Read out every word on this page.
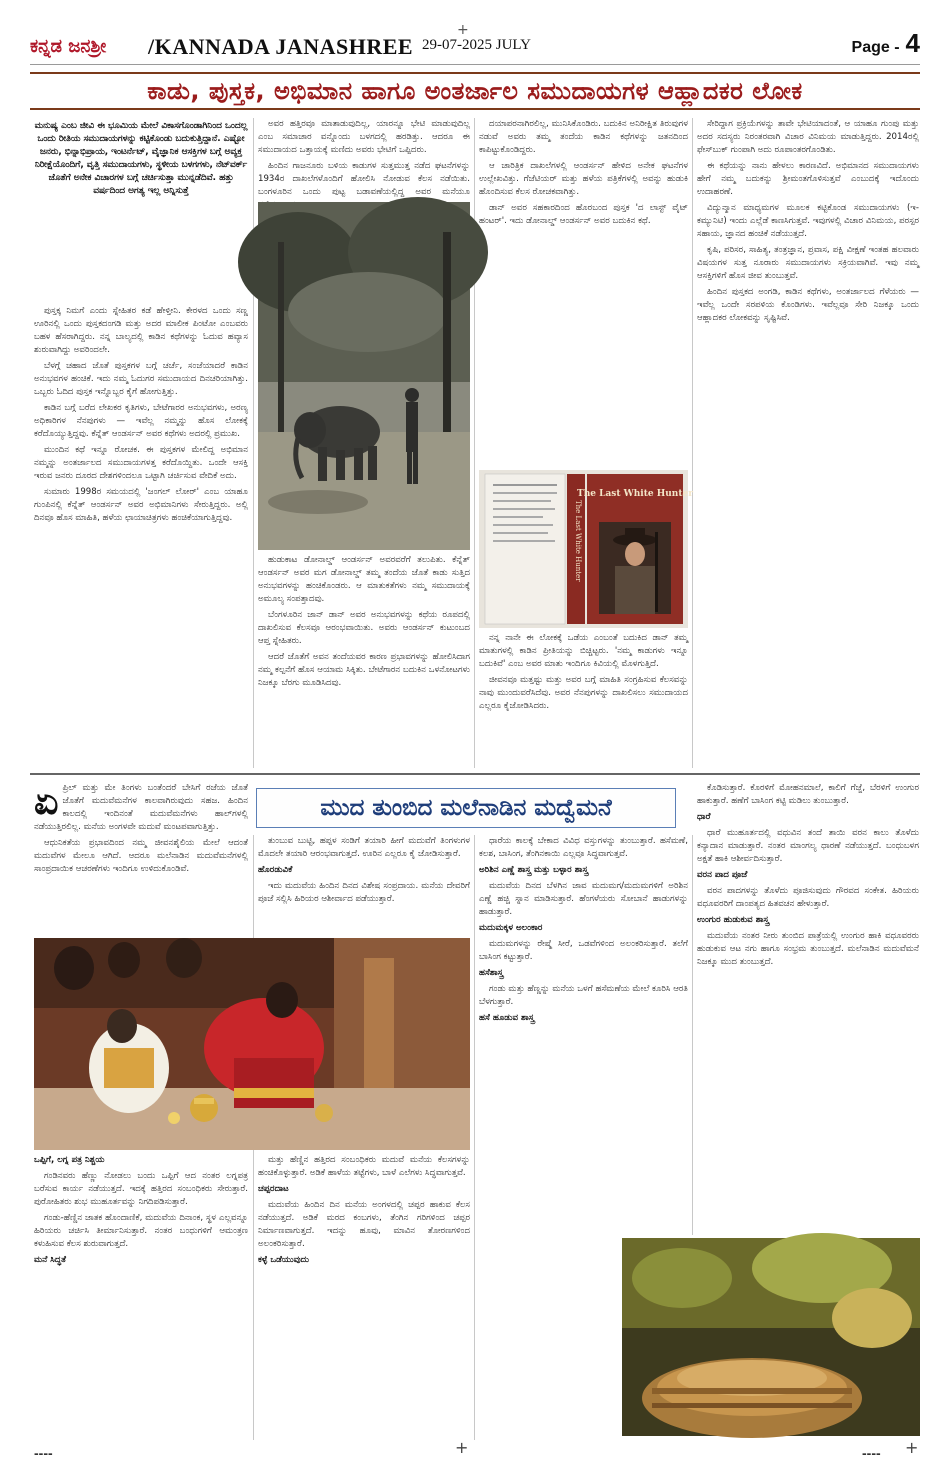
+
ಕನ್ನಡ ಜನಶ್ರೀ /KANNADA JANASHREE 29-07-2025 JULY	Page - 4
ಕಾಡು, ಪುಸ್ತಕ, ಅಭಿಮಾನ ಹಾಗೂ ಅಂತರ್ಜಾಲ ಸಮುದಾಯಗಳ ಆಹ್ಲಾದಕರ ಲೋಕ
ಮನುಷ್ಯ ಎಂಬ ಜೀವಿ ಈ ಭೂಮಿಯ ಮೇಲೆ ವಿಕಾಸಗೊಂಡಾಗಿನಿಂದ ಒಂದಲ್ಲ ಒಂದು ರೀತಿಯ ಸಮುದಾಯಗಳನ್ನು ಕಟ್ಟಿಕೊಂಡು ಬದುಕುತ್ತಿದ್ದಾನೆ. ಎಷ್ಟೋ ಜನರು, ಭಿನ್ನಾಭಿಪ್ರಾಯ, ಇಂಟರ್ನೆಟ್, ವೈಜ್ಞಾನಿಕ ಆಸಕ್ತಿಗಳ ಬಗ್ಗೆ ಅವ್ಯಕ್ತ ನಿರೀಕ್ಷೆಯೊಂದಿಗೆ, ವೃತ್ತಿ ಸಮುದಾಯಗಳು, ಸ್ಥಳೀಯ ಬಳಗಗಳು, ನೆಟ್‌ವರ್ಕ್ ಜೊತೆಗೆ ಅನೇಕ ವಿಚಾರಗಳ ಬಗ್ಗೆ ಚರ್ಚಿಸುತ್ತಾ ಮುನ್ನಡೆದಿವೆ. ಹತ್ತು ವರ್ಷದಿಂದ ಅಗತ್ಯ ಇಲ್ಲ ಅನ್ನಿಸುತ್ತೆ

ಪುಸ್ತಕ್ಕ ನಿಮಗೆ ಎಂದು ಸ್ನೇಹಿತರ ಕಡೆ ಹೇಳ್ತೀನಿ. ಕೇರಳದ ಒಂದು ಸಣ್ಣ ಊರಿನಲ್ಲಿ ಒಂದು ಪುಸ್ತಕದಂಗಡಿ ಮತ್ತು ಅದರ ಮಾಲೀಕ ಪಿಂಟೋ ಎಂಬವರು ಬಹಳ ಹೆಸರಾಗಿದ್ದರು. ನನ್ನ ಬಾಲ್ಯದಲ್ಲಿ ಕಾಡಿನ ಕಥೆಗಳನ್ನು ಓದುವ ಹವ್ಯಾಸ ಶುರುವಾಗಿದ್ದು ಅವರಿಂದಲೇ.

ಬೆಳಗ್ಗೆ ಚಹಾದ ಜೊತೆ ಪುಸ್ತಕಗಳ ಬಗ್ಗೆ ಚರ್ಚೆ, ಸಂಜೆಯಾದರೆ ಕಾಡಿನ ಅನುಭವಗಳ ಹಂಚಿಕೆ. ಇದು ನಮ್ಮ ಓದುಗರ ಸಮುದಾಯದ ದಿನಚರಿಯಾಗಿತ್ತು. ಒಬ್ಬರು ಓದಿದ ಪುಸ್ತಕ ಇನ್ನೊಬ್ಬರ ಕೈಗೆ ಹೋಗುತ್ತಿತ್ತು.

ಕಾಡಿನ ಬಗ್ಗೆ ಬರೆದ ಲೇಖಕರ ಕೃತಿಗಳು, ಬೇಟೆಗಾರರ ಅನುಭವಗಳು, ಅರಣ್ಯ ಅಧಿಕಾರಿಗಳ ನೆನಪುಗಳು — ಇವೆಲ್ಲ ನಮ್ಮನ್ನು ಹೊಸ ಲೋಕಕ್ಕೆ ಕರೆದೊಯ್ಯುತ್ತಿದ್ದವು. ಕೆನ್ನೆತ್ ಆಂಡರ್ಸನ್ ಅವರ ಕಥೆಗಳು ಅದರಲ್ಲಿ ಪ್ರಮುಖ.

ಮುಂದಿನ ಕಥೆ ಇನ್ನೂ ರೋಚಕ. ಈ ಪುಸ್ತಕಗಳ ಮೇಲಿದ್ದ ಅಭಿಮಾನ ನಮ್ಮನ್ನು ಅಂತರ್ಜಾಲದ ಸಮುದಾಯಗಳತ್ತ ಕರೆದೊಯ್ದಿತು. ಒಂದೇ ಆಸಕ್ತಿ ಇರುವ ಜನರು ದೂರದ ದೇಶಗಳಿಂದಲೂ ಒಟ್ಟಾಗಿ ಚರ್ಚಿಸುವ ವೇದಿಕೆ ಅದು.

ಸುಮಾರು 1998ರ ಸಮಯದಲ್ಲಿ 'ಜಂಗಲ್ ಲೋರ್' ಎಂಬ ಯಾಹೂ ಗುಂಪಿನಲ್ಲಿ ಕೆನ್ನೆತ್ ಆಂಡರ್ಸನ್ ಅವರ ಅಭಿಮಾನಿಗಳು ಸೇರುತ್ತಿದ್ದರು. ಅಲ್ಲಿ ದಿನವೂ ಹೊಸ ಮಾಹಿತಿ, ಹಳೆಯ ಛಾಯಾಚಿತ್ರಗಳು ಹಂಚಿಕೆಯಾಗುತ್ತಿದ್ದವು.

ಅವರ ಹತ್ತಿರವೂ ಮಾತಾಡುವುದಿಲ್ಲ, ಯಾರನ್ನೂ ಭೇಟಿ ಮಾಡುವುದಿಲ್ಲ ಎಂಬ ಸಮಾಚಾರ ವನ್ನೊಂದು ಬಳಗದಲ್ಲಿ ಹರಡಿತ್ತು. ಆದರೂ ಈ ಸಮುದಾಯದ ಒತ್ತಾಯಕ್ಕೆ ಮಣಿದು ಅವರು ಭೇಟಿಗೆ ಒಪ್ಪಿದರು.

ಹಿಂದಿನ ಗಾಜನೂರು ಬಳಿಯ ಕಾಡುಗಳ ಸುತ್ತಮುತ್ತ ನಡೆದ ಘಟನೆಗಳನ್ನು 1934ರ ದಾಖಲೆಗಳೊಂದಿಗೆ ಹೋಲಿಸಿ ನೋಡುವ ಕೆಲಸ ನಡೆಯಿತು. ಬಂಗಳೂರಿನ ಒಂದು ಪುಟ್ಟ ಬಡಾವಣೆಯಲ್ಲಿದ್ದ ಅವರ ಮನೆಯೂ

ಹುಡುಕಾಟ ಡೋನಾಲ್ಡ್ ಆಂಡರ್ಸನ್ ಅವರವರೆಗೆ ತಲುಪಿತು. ಕೆನ್ನೆತ್ ಆಂಡರ್ಸನ್ ಅವರ ಮಗ ಡೋನಾಲ್ಡ್ ತಮ್ಮ ತಂದೆಯ ಜೊತೆ ಕಾಡು ಸುತ್ತಿದ ಅನುಭವಗಳನ್ನು ಹಂಚಿಕೊಂಡರು. ಆ ಮಾತುಕತೆಗಳು ನಮ್ಮ ಸಮುದಾಯಕ್ಕೆ ಅಮೂಲ್ಯ ಸಂಪತ್ತಾದವು.

ಬೆಂಗಳೂರಿನ ಜಾನ್ ಡಾನ್ ಅವರ ಅನುಭವಗಳನ್ನು ಕಥೆಯ ರೂಪದಲ್ಲಿ ದಾಖಲಿಸುವ ಕೆಲಸವೂ ಆರಂಭವಾಯಿತು. ಅವರು ಆಂಡರ್ಸನ್ ಕುಟುಂಬದ ಆಪ್ತ ಸ್ನೇಹಿತರು.

ಆದರೆ ಜೊತೆಗೆ ಅವನ ತಂದೆಯವರ ಕಾರಣ ಪ್ರಭಾವಗಳನ್ನು ಹೋಲಿಸಿದಾಗ ನಮ್ಮ ಕಲ್ಪನೆಗೆ ಹೊಸ ಆಯಾಮ ಸಿಕ್ಕಿತು. ಬೇಟೆಗಾರನ ಬದುಕಿನ ಒಳನೋಟಗಳು ನಿಜಕ್ಕೂ ಬೆರಗು ಮೂಡಿಸಿದವು.

ದಯಾಪರನಾಗಿರಲಿಲ್ಲ, ಮುನಿಸಿಕೊಂಡಿರು. ಬದುಕಿನ ಅನಿರೀಕ್ಷಿತ ತಿರುವುಗಳ ನಡುವೆ ಅವರು ತಮ್ಮ ತಂದೆಯ ಕಾಡಿನ ಕಥೆಗಳನ್ನು ಜತನದಿಂದ ಕಾಪಿಟ್ಟುಕೊಂಡಿದ್ದರು.

ಆ ಚಾರಿತ್ರಿಕ ದಾಖಲೆಗಳಲ್ಲಿ ಆಂಡರ್ಸನ್ ಹೇಳಿದ ಅನೇಕ ಘಟನೆಗಳ ಉಲ್ಲೇಖವಿತ್ತು. ಗೆಜೆಟಿಯರ್ ಮತ್ತು ಹಳೆಯ ಪತ್ರಿಕೆಗಳಲ್ಲಿ ಅವನ್ನು ಹುಡುಕಿ ಹೊಂದಿಸುವ ಕೆಲಸ ರೋಚಕವಾಗಿತ್ತು.

ಡಾನ್ ಅವರ ಸಹಕಾರದಿಂದ ಹೊರಬಂದ ಪುಸ್ತಕ 'ದ ಲಾಸ್ಟ್ ವೈಟ್ ಹಂಟರ್'. ಇದು ಡೋನಾಲ್ಡ್ ಆಂಡರ್ಸನ್ ಅವರ ಬದುಕಿನ ಕಥೆ.

The Last White Hunter
The Last White Hunter

ನನ್ನ ನಾನೇ ಈ ಲೋಕಕ್ಕೆ ಒಡೆಯ ಎಂಬಂತೆ ಬದುಕಿದ ಡಾನ್ ತಮ್ಮ ಮಾತುಗಳಲ್ಲಿ ಕಾಡಿನ ಪ್ರೀತಿಯನ್ನು ಬಿಚ್ಚಿಟ್ಟರು. 'ನಮ್ಮ ಕಾಡುಗಳು ಇನ್ನೂ ಬದುಕಿವೆ' ಎಂಬ ಅವರ ಮಾತು ಇಂದಿಗೂ ಕಿವಿಯಲ್ಲಿ ಮೊಳಗುತ್ತಿದೆ.

ಜೀವನವೂ ಮತ್ತಷ್ಟು ಮತ್ತು ಅವರ ಬಗ್ಗೆ ಮಾಹಿತಿ ಸಂಗ್ರಹಿಸುವ ಕೆಲಸವನ್ನು ನಾವು ಮುಂದುವರೆಸಿದೆವು. ಅವರ ನೆನಪುಗಳನ್ನು ದಾಖಲಿಸಲು ಸಮುದಾಯದ ಎಲ್ಲರೂ ಕೈಜೋಡಿಸಿದರು.

ಸೇರಿದ್ದಾಗ ಪ್ರಕ್ರಿಯೆಗಳನ್ನು ತಾವೇ ಭೇಟಿಯಾದಂತೆ, ಆ ಯಾಹೂ ಗುಂಪು ಮತ್ತು ಅದರ ಸದಸ್ಯರು ನಿರಂತರವಾಗಿ ವಿಚಾರ ವಿನಿಮಯ ಮಾಡುತ್ತಿದ್ದರು. 2014ರಲ್ಲಿ ಫೇಸ್‌ಬುಕ್ ಗುಂಪಾಗಿ ಅದು ರೂಪಾಂತರಗೊಂಡಿತು.

ಈ ಕಥೆಯನ್ನು ನಾನು ಹೇಳಲು ಕಾರಣವಿದೆ. ಅಭಿಮಾನದ ಸಮುದಾಯಗಳು ಹೇಗೆ ನಮ್ಮ ಬದುಕನ್ನು ಶ್ರೀಮಂತಗೊಳಿಸುತ್ತವೆ ಎಂಬುದಕ್ಕೆ ಇದೊಂದು ಉದಾಹರಣೆ.

ವಿದ್ಯುನ್ಮಾನ ಮಾಧ್ಯಮಗಳ ಮೂಲಕ ಕಟ್ಟಿಕೊಂಡ ಸಮುದಾಯಗಳು (ಇ-ಕಮ್ಯುನಿಟಿ) ಇಂದು ಎಲ್ಲೆಡೆ ಕಾಣಸಿಗುತ್ತವೆ. ಇವುಗಳಲ್ಲಿ ವಿಚಾರ ವಿನಿಮಯ, ಪರಸ್ಪರ ಸಹಾಯ, ಜ್ಞಾನದ ಹಂಚಿಕೆ ನಡೆಯುತ್ತದೆ.

ಕೃಷಿ, ಪರಿಸರ, ಸಾಹಿತ್ಯ, ತಂತ್ರಜ್ಞಾನ, ಪ್ರವಾಸ, ಪಕ್ಷಿ ವೀಕ್ಷಣೆ ಇಂತಹ ಹಲವಾರು ವಿಷಯಗಳ ಸುತ್ತ ನೂರಾರು ಸಮುದಾಯಗಳು ಸಕ್ರಿಯವಾಗಿವೆ. ಇವು ನಮ್ಮ ಆಸಕ್ತಿಗಳಿಗೆ ಹೊಸ ಜೀವ ತುಂಬುತ್ತವೆ.

ಹಿಂದಿನ ಪುಸ್ತಕದ ಅಂಗಡಿ, ಕಾಡಿನ ಕಥೆಗಳು, ಅಂತರ್ಜಾಲದ ಗೆಳೆಯರು — ಇವೆಲ್ಲ ಒಂದೇ ಸರಪಳಿಯ ಕೊಂಡಿಗಳು. ಇವೆಲ್ಲವೂ ಸೇರಿ ನಿಜಕ್ಕೂ ಒಂದು ಆಹ್ಲಾದಕರ ಲೋಕವನ್ನು ಸೃಷ್ಟಿಸಿವೆ.

ಮುದ ತುಂಬಿದ ಮಲೆನಾಡಿನ ಮದ್ವೆಮನೆ

ಏಪ್ರಿಲ್ ಮತ್ತು ಮೇ ತಿಂಗಳು ಬಂತೆಂದರೆ ಬೇಸಿಗೆ ರಜೆಯ ಜೊತೆ ಜೊತೆಗೆ ಮದುವೆಮನೆಗಳ ಕಾಲವಾಗಿರುವುದು ಸಹಜ. ಹಿಂದಿನ ಕಾಲದಲ್ಲಿ ಇಂದಿನಂತೆ ಮದುವೆಮನೆಗಳು ಹಾಲ್‌ಗಳಲ್ಲಿ ನಡೆಯುತ್ತಿರಲಿಲ್ಲ. ಮನೆಯ ಅಂಗಳವೇ ಮದುವೆ ಮಂಟಪವಾಗುತ್ತಿತ್ತು.

ಆಧುನಿಕತೆಯ ಪ್ರಭಾವದಿಂದ ನಮ್ಮ ಜೀವನಶೈಲಿಯ ಮೇಲೆ ಆದಂತೆ ಮದುವೆಗಳ ಮೇಲೂ ಆಗಿದೆ. ಆದರೂ ಮಲೆನಾಡಿನ ಮದುವೆಮನೆಗಳಲ್ಲಿ ಸಾಂಪ್ರದಾಯಿಕ ಆಚರಣೆಗಳು ಇಂದಿಗೂ ಉಳಿದುಕೊಂಡಿವೆ.

ಒಪ್ಪಿಗೆ, ಲಗ್ನ ಪತ್ರ ನಿಶ್ಚಯ

ಗಂಡಿನವರು ಹೆಣ್ಣು ನೋಡಲು ಬಂದು ಒಪ್ಪಿಗೆ ಆದ ನಂತರ ಲಗ್ನಪತ್ರ ಬರೆಸುವ ಕಾರ್ಯ ನಡೆಯುತ್ತದೆ. ಇದಕ್ಕೆ ಹತ್ತಿರದ ಸಂಬಂಧಿಕರು ಸೇರುತ್ತಾರೆ. ಪುರೋಹಿತರು ಶುಭ ಮುಹೂರ್ತವನ್ನು ನಿಗದಿಪಡಿಸುತ್ತಾರೆ.

ಗಂಡು-ಹೆಣ್ಣಿನ ಜಾತಕ ಹೊಂದಾಣಿಕೆ, ಮದುವೆಯ ದಿನಾಂಕ, ಸ್ಥಳ ಎಲ್ಲವನ್ನೂ ಹಿರಿಯರು ಚರ್ಚಿಸಿ ತೀರ್ಮಾನಿಸುತ್ತಾರೆ. ನಂತರ ಬಂಧುಗಳಿಗೆ ಆಮಂತ್ರಣ ಕಳುಹಿಸುವ ಕೆಲಸ ಶುರುವಾಗುತ್ತದೆ.

ಮನೆ ಸಿದ್ಧತೆ

ತುಂಬುವ ಬುಟ್ಟಿ, ಹಪ್ಪಳ ಸಂಡಿಗೆ ತಯಾರಿ ಹೀಗೆ ಮದುವೆಗೆ ತಿಂಗಳುಗಳ ಮೊದಲೇ ತಯಾರಿ ಆರಂಭವಾಗುತ್ತದೆ. ಊರಿನ ಎಲ್ಲರೂ ಕೈ ಜೋಡಿಸುತ್ತಾರೆ.

ಹೊರಡುವಿಕೆ

ಇದು ಮದುವೆಯ ಹಿಂದಿನ ದಿನದ ವಿಶೇಷ ಸಂಪ್ರದಾಯ. ಮನೆಯ ದೇವರಿಗೆ ಪೂಜೆ ಸಲ್ಲಿಸಿ ಹಿರಿಯರ ಆಶೀರ್ವಾದ ಪಡೆಯುತ್ತಾರೆ.

ಮತ್ತು ಹೆಣ್ಣಿನ ಹತ್ತಿರದ ಸಂಬಂಧಿಕರು ಮದುವೆ ಮನೆಯ ಕೆಲಸಗಳನ್ನು ಹಂಚಿಕೊಳ್ಳುತ್ತಾರೆ. ಅಡಿಕೆ ಹಾಳೆಯ ತಟ್ಟೆಗಳು, ಬಾಳೆ ಎಲೆಗಳು ಸಿದ್ಧವಾಗುತ್ತವೆ.

ಚಪ್ಪರದಾಟ

ಮದುವೆಯ ಹಿಂದಿನ ದಿನ ಮನೆಯ ಅಂಗಳದಲ್ಲಿ ಚಪ್ಪರ ಹಾಕುವ ಕೆಲಸ ನಡೆಯುತ್ತದೆ. ಅಡಿಕೆ ಮರದ ಕಂಬಗಳು, ತೆಂಗಿನ ಗರಿಗಳಿಂದ ಚಪ್ಪರ ನಿರ್ಮಾಣವಾಗುತ್ತದೆ. ಇದನ್ನು ಹೂವು, ಮಾವಿನ ತೋರಣಗಳಿಂದ ಅಲಂಕರಿಸುತ್ತಾರೆ.

ಕಳ್ಳೆ ಒಡೆಯುವುದು

ಧಾರೆಯ ಕಾಲಕ್ಕೆ ಬೇಕಾದ ವಿವಿಧ ವಸ್ತುಗಳನ್ನು ತುಂಬುತ್ತಾರೆ. ಹಸೆಮಣೆ, ಕಲಶ, ಬಾಸಿಂಗ, ತೆಂಗಿನಕಾಯಿ ಎಲ್ಲವೂ ಸಿದ್ಧವಾಗುತ್ತವೆ.

ಅರಿಶಿನ ಎಣ್ಣೆ ಶಾಸ್ತ್ರ ಮತ್ತು ಬಳ್ಳಾರ ಶಾಸ್ತ್ರ

ಮದುವೆಯ ದಿನದ ಬೆಳಗಿನ ಜಾವ ಮದುಮಗ/ಮದುಮಗಳಿಗೆ ಅರಿಶಿನ ಎಣ್ಣೆ ಹಚ್ಚಿ ಸ್ನಾನ ಮಾಡಿಸುತ್ತಾರೆ. ಹೆಂಗಳೆಯರು ಸೋಬಾನೆ ಹಾಡುಗಳನ್ನು ಹಾಡುತ್ತಾರೆ.

ಮದುಮಕ್ಕಳ ಅಲಂಕಾರ

ಮದುಮಗಳನ್ನು ರೇಷ್ಮೆ ಸೀರೆ, ಒಡವೆಗಳಿಂದ ಅಲಂಕರಿಸುತ್ತಾರೆ. ತಲೆಗೆ ಬಾಸಿಂಗ ಕಟ್ಟುತ್ತಾರೆ.

ಹಸೆಶಾಸ್ತ್ರ

ಗಂಡು ಮತ್ತು ಹೆಣ್ಣನ್ನು ಮನೆಯ ಒಳಗೆ ಹಸೆಮಣೆಯ ಮೇಲೆ ಕೂರಿಸಿ ಆರತಿ ಬೆಳಗುತ್ತಾರೆ.

ಹಸೆ ಹೂಡುವ ಶಾಸ್ತ್ರ

ಕೊಡಿಸುತ್ತಾರೆ. ಕೊರಳಿಗೆ ಮೋಹನಮಾಲೆ, ಕಾಲಿಗೆ ಗೆಜ್ಜೆ, ಬೆರಳಿಗೆ ಉಂಗುರ ಹಾಕುತ್ತಾರೆ. ಹಣೆಗೆ ಬಾಸಿಂಗ ಕಟ್ಟಿ ಮಡಿಲು ತುಂಬುತ್ತಾರೆ.

ಧಾರೆ

ಧಾರೆ ಮುಹೂರ್ತದಲ್ಲಿ ವಧುವಿನ ತಂದೆ ತಾಯಿ ವರನ ಕಾಲು ತೊಳೆದು ಕನ್ಯಾದಾನ ಮಾಡುತ್ತಾರೆ. ನಂತರ ಮಾಂಗಲ್ಯ ಧಾರಣೆ ನಡೆಯುತ್ತದೆ. ಬಂಧುಬಳಗ ಅಕ್ಷತೆ ಹಾಕಿ ಆಶೀರ್ವದಿಸುತ್ತಾರೆ.

ವರನ ಪಾದ ಪೂಜೆ

ವರನ ಪಾದಗಳನ್ನು ತೊಳೆದು ಪೂಜಿಸುವುದು ಗೌರವದ ಸಂಕೇತ. ಹಿರಿಯರು ವಧೂವರರಿಗೆ ದಾಂಪತ್ಯದ ಹಿತವಚನ ಹೇಳುತ್ತಾರೆ.

ಉಂಗುರ ಹುಡುಕುವ ಶಾಸ್ತ್ರ

ಮದುವೆಯ ನಂತರ ನೀರು ತುಂಬಿದ ಪಾತ್ರೆಯಲ್ಲಿ ಉಂಗುರ ಹಾಕಿ ವಧೂವರರು ಹುಡುಕುವ ಆಟ ನಗು ಹಾಗೂ ಸಂಭ್ರಮ ತುಂಬುತ್ತದೆ. ಮಲೆನಾಡಿನ ಮದುವೆಮನೆ ನಿಜಕ್ಕೂ ಮುದ ತುಂಬುತ್ತದೆ.

----	+	---- +
